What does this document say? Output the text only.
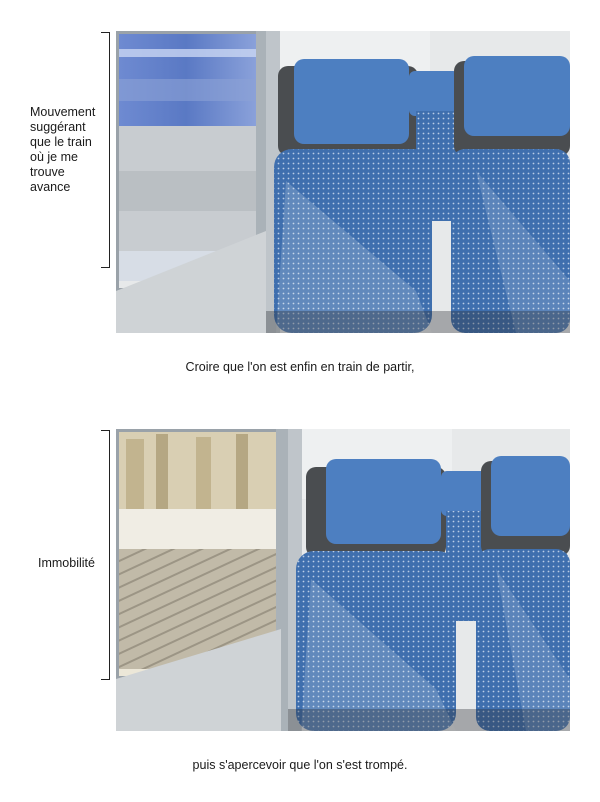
Mouvement
suggérant
que le train
où je me
trouve
avance
Croire que l'on est enfin en train de partir,
Immobilité
puis s'apercevoir que l'on s'est trompé.
